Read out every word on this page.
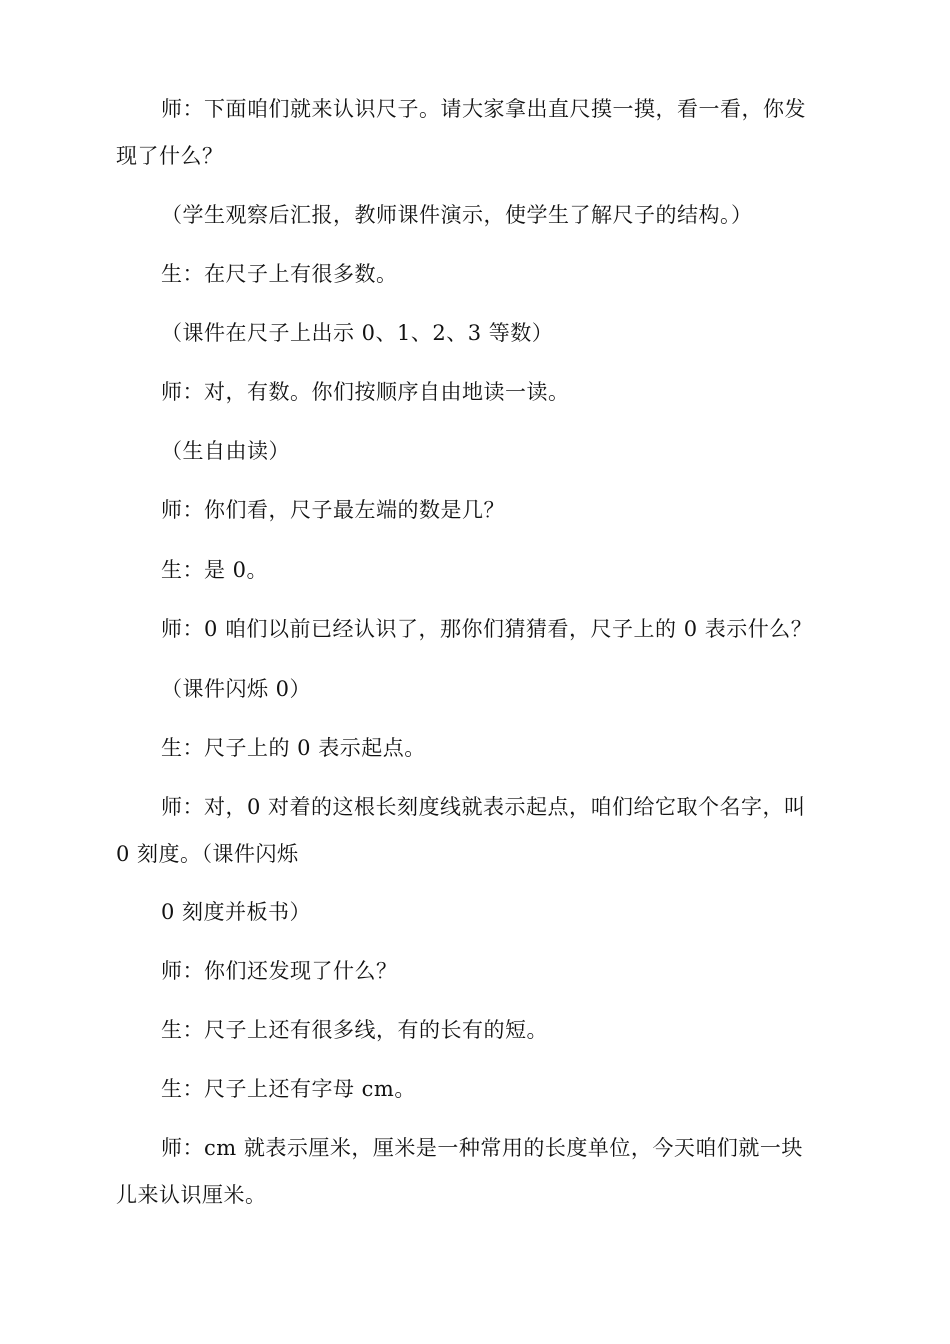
师：下面咱们就来认识尺子。请大家拿出直尺摸一摸，看一看，你发
现了什么？
（学生观察后汇报，教师课件演示，使学生了解尺子的结构。）
生：在尺子上有很多数。
（课件在尺子上出示 0、1、2、3 等数）
师：对，有数。你们按顺序自由地读一读。
（生自由读）
师：你们看，尺子最左端的数是几？
生：是 0。
师：0 咱们以前已经认识了，那你们猜猜看，尺子上的 0 表示什么？
（课件闪烁 0）
生：尺子上的 0 表示起点。
师：对，0 对着的这根长刻度线就表示起点，咱们给它取个名字，叫
0 刻度。（课件闪烁
0 刻度并板书）
师：你们还发现了什么？
生：尺子上还有很多线，有的长有的短。
生：尺子上还有字母 cm。
师：cm 就表示厘米，厘米是一种常用的长度单位，今天咱们就一块
儿来认识厘米。
